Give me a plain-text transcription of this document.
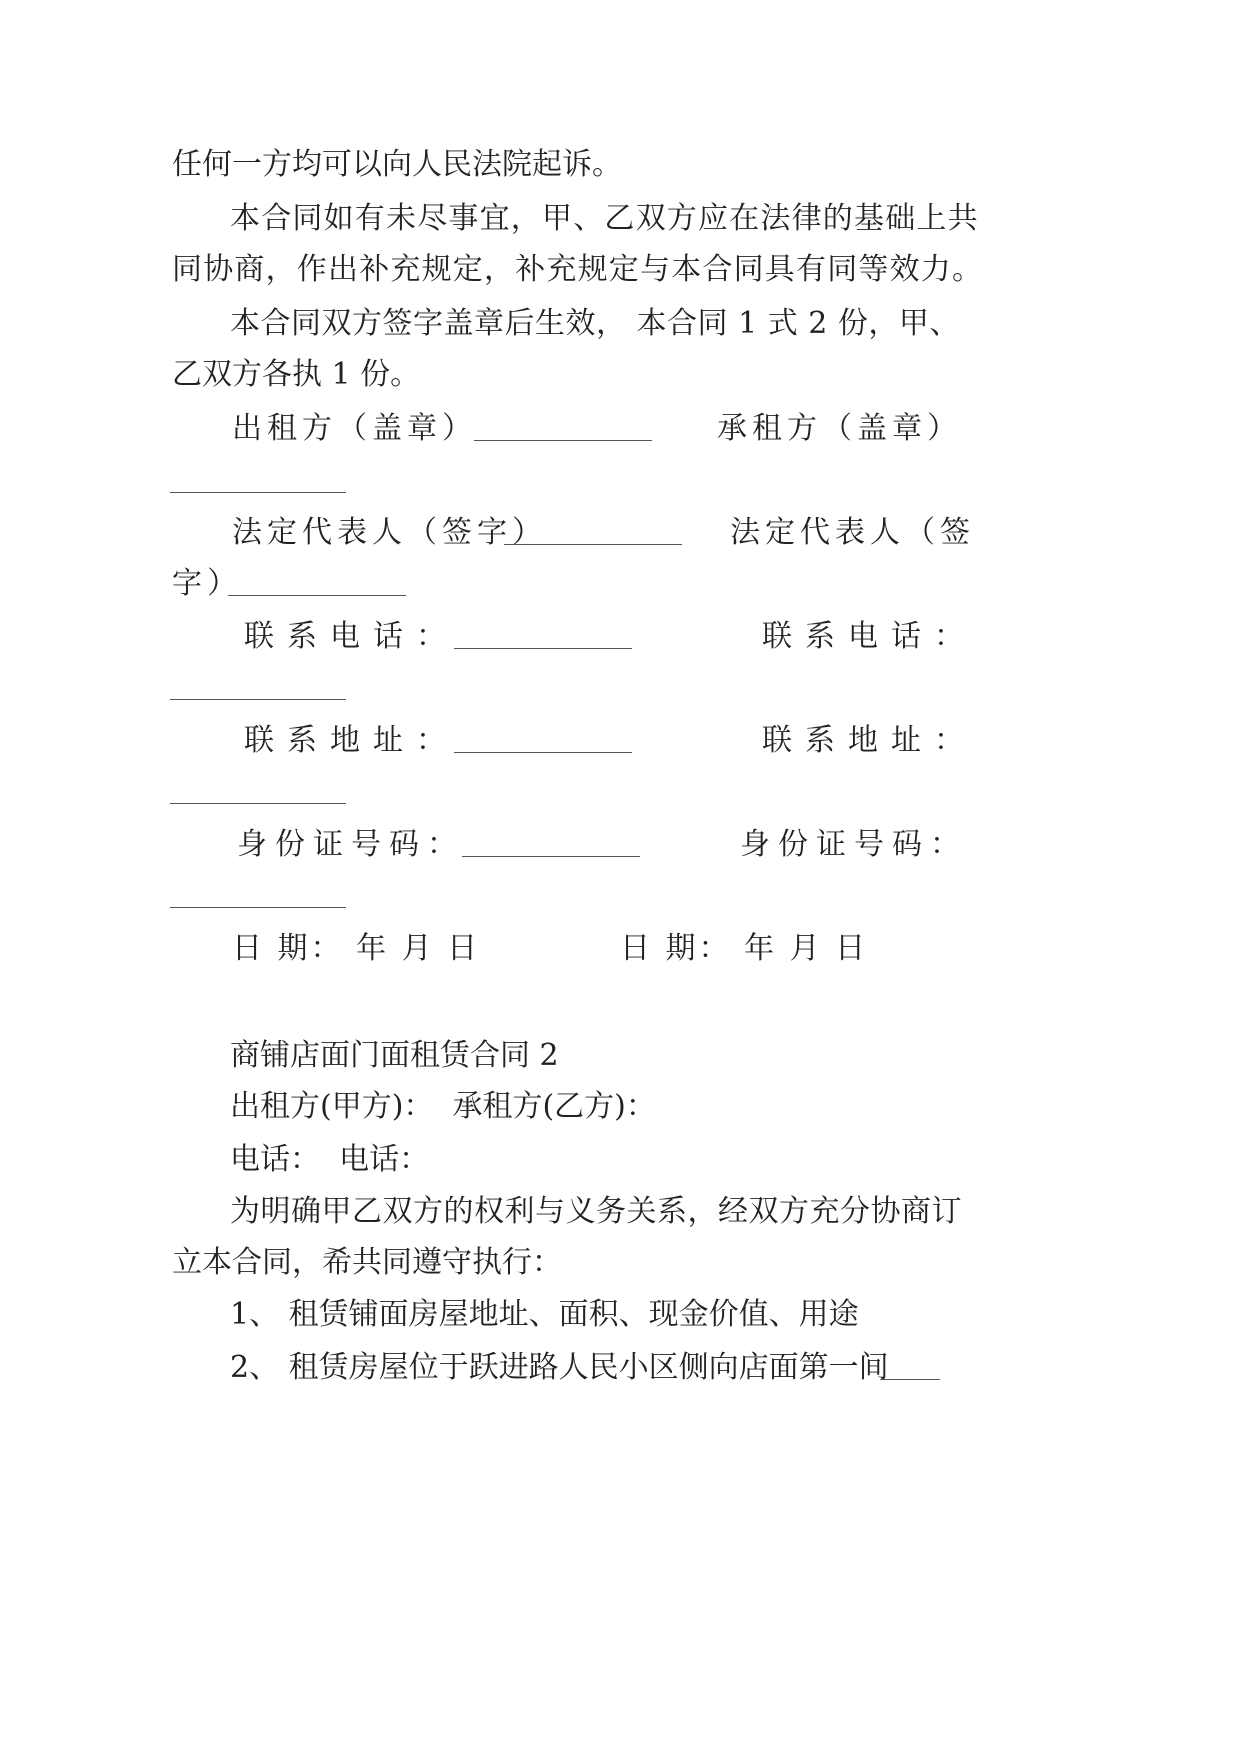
任何一方均可以向人民法院起诉。
本合同如有未尽事宜，甲、乙双方应在法律的基础上共
同协商，作出补充规定，补充规定与本合同具有同等效力。
本合同双方签字盖章后生效， 本合同 1 式 2 份，甲、
乙双方各执 1 份。
出租方（盖章）	承租方（盖章）
法定代表人（签字）	法定代表人（签
字）
联系电话：	联系电话：
联系地址：	联系地址：
身份证号码：	身份证号码：
日 期： 年 月 日	日 期： 年 月 日
商铺店面门面租赁合同 2
出租方(甲方)：  承租方(乙方)：
电话：  电话：
为明确甲乙双方的权利与义务关系，经双方充分协商订
立本合同，希共同遵守执行：
1、 租赁铺面房屋地址、面积、现金价值、用途
2、 租赁房屋位于跃进路人民小区侧向店面第一间
